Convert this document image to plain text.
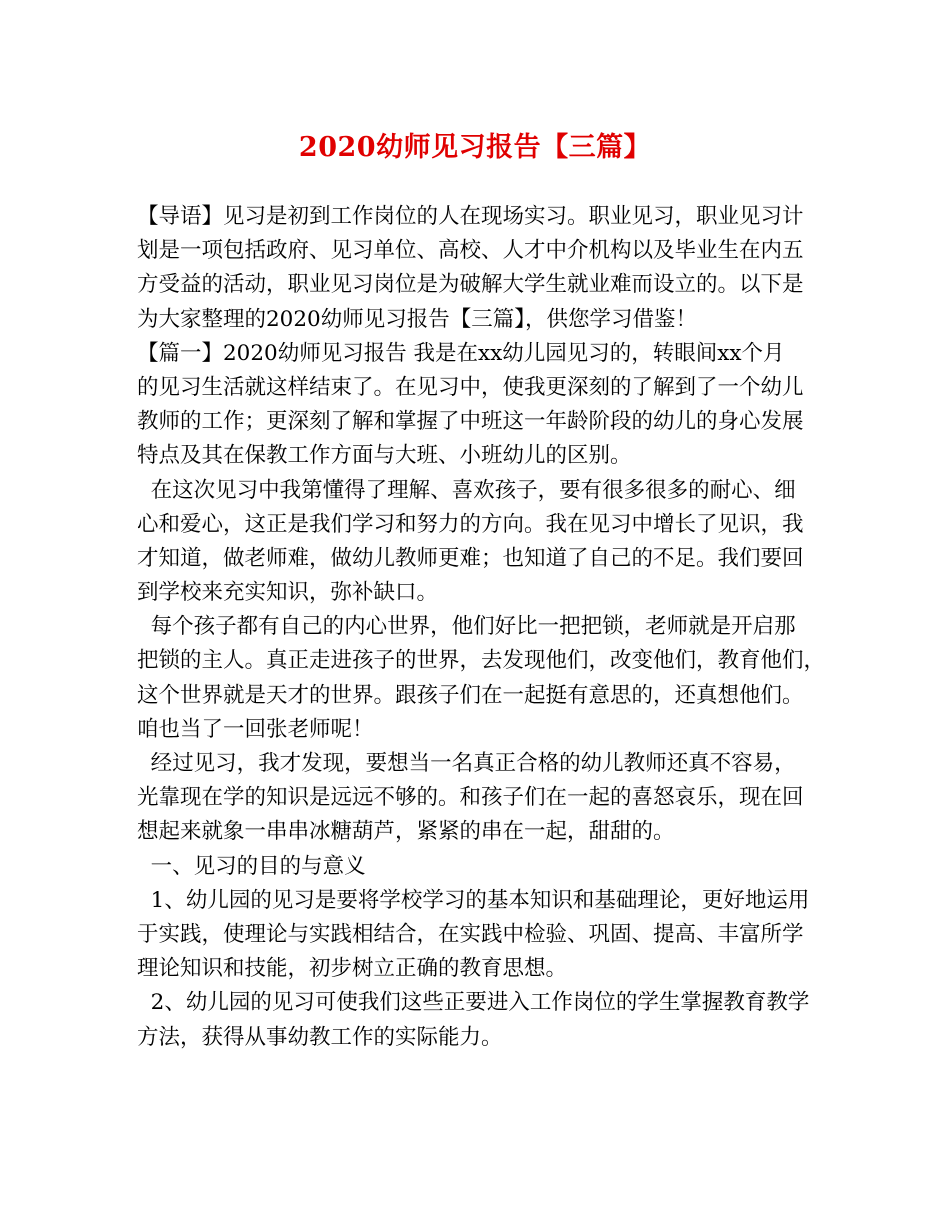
2020幼师见习报告【三篇】
【导语】见习是初到工作岗位的人在现场实习。职业见习，职业见习计
划是一项包括政府、见习单位、高校、人才中介机构以及毕业生在内五
方受益的活动，职业见习岗位是为破解大学生就业难而设立的。以下是
为大家整理的2020幼师见习报告【三篇】，供您学习借鉴！
【篇一】2020幼师见习报告 我是在xx幼儿园见习的，转眼间xx个月
的见习生活就这样结束了。在见习中，使我更深刻的了解到了一个幼儿
教师的工作；更深刻了解和掌握了中班这一年龄阶段的幼儿的身心发展
特点及其在保教工作方面与大班、小班幼儿的区别。
在这次见习中我第懂得了理解、喜欢孩子，要有很多很多的耐心、细
心和爱心，这正是我们学习和努力的方向。我在见习中增长了见识，我
才知道，做老师难，做幼儿教师更难；也知道了自己的不足。我们要回
到学校来充实知识，弥补缺口。
每个孩子都有自己的内心世界，他们好比一把把锁，老师就是开启那
把锁的主人。真正走进孩子的世界，去发现他们，改变他们，教育他们，
这个世界就是天才的世界。跟孩子们在一起挺有意思的，还真想他们。
咱也当了一回张老师呢！
经过见习，我才发现，要想当一名真正合格的幼儿教师还真不容易，
光靠现在学的知识是远远不够的。和孩子们在一起的喜怒哀乐，现在回
想起来就象一串串冰糖葫芦，紧紧的串在一起，甜甜的。
一、见习的目的与意义
1、幼儿园的见习是要将学校学习的基本知识和基础理论，更好地运用
于实践，使理论与实践相结合，在实践中检验、巩固、提高、丰富所学
理论知识和技能，初步树立正确的教育思想。
2、幼儿园的见习可使我们这些正要进入工作岗位的学生掌握教育教学
方法，获得从事幼教工作的实际能力。
